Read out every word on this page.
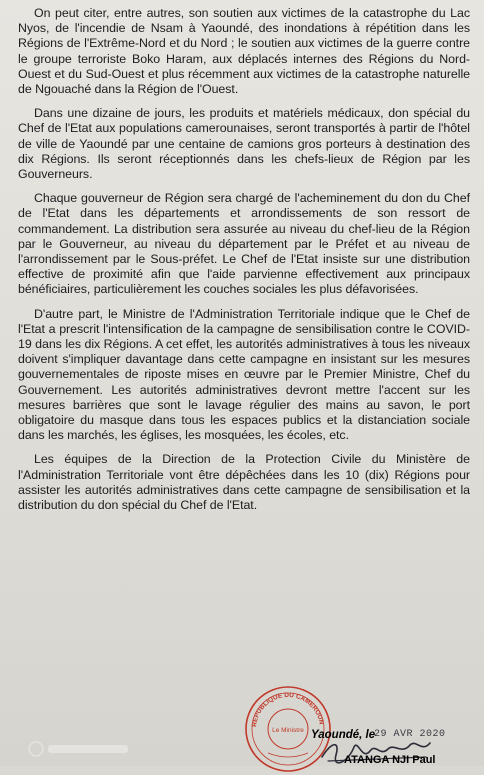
On peut citer, entre autres, son soutien aux victimes de la catastrophe du Lac Nyos, de l'incendie de Nsam à Yaoundé, des inondations à répétition dans les Régions de l'Extrême-Nord et du Nord ; le soutien aux victimes de la guerre contre le groupe terroriste Boko Haram, aux déplacés internes des Régions du Nord-Ouest et du Sud-Ouest et plus récemment aux victimes de la catastrophe naturelle de Ngouaché dans la Région de l'Ouest.

Dans une dizaine de jours, les produits et matériels médicaux, don spécial du Chef de l'Etat aux populations camerounaises, seront transportés à partir de l'hôtel de ville de Yaoundé par une centaine de camions gros porteurs à destination des dix Régions. Ils seront réceptionnés dans les chefs-lieux de Région par les Gouverneurs.

Chaque gouverneur de Région sera chargé de l'acheminement du don du Chef de l'Etat dans les départements et arrondissements de son ressort de commandement. La distribution sera assurée au niveau du chef-lieu de la Région par le Gouverneur, au niveau du département par le Préfet et au niveau de l'arrondissement par le Sous-préfet. Le Chef de l'Etat insiste sur une distribution effective de proximité afin que l'aide parvienne effectivement aux principaux bénéficiaires, particulièrement les couches sociales les plus défavorisées.

D'autre part, le Ministre de l'Administration Territoriale indique que le Chef de l'Etat a prescrit l'intensification de la campagne de sensibilisation contre le COVID-19 dans les dix Régions. A cet effet, les autorités administratives à tous les niveaux doivent s'impliquer davantage dans cette campagne en insistant sur les mesures gouvernementales de riposte mises en œuvre par le Premier Ministre, Chef du Gouvernement. Les autorités administratives devront mettre l'accent sur les mesures barrières que sont le lavage régulier des mains au savon, le port obligatoire du masque dans tous les espaces publics et la distanciation sociale dans les marchés, les églises, les mosquées, les écoles, etc.

Les équipes de la Direction de la Protection Civile du Ministère de l'Administration Territoriale vont être dépêchées dans les 10 (dix) Régions pour assister les autorités administratives dans cette campagne de sensibilisation et la distribution du don spécial du Chef de l'Etat.

REPUBLIQUE DU CAMEROUN
Le Ministre Yaoundé, le
29 AVR 2020
ATANGA NJI Paul
